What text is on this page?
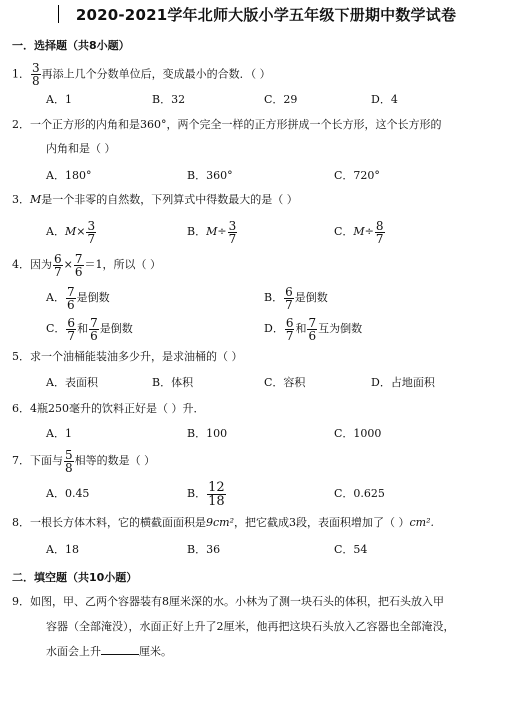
2020-2021学年北师大版小学五年级下册期中数学试卷
一．选择题（共8小题）
1． $\frac{3}{8}$ 再添上几个分数单位后，变成最小的合数．（ ）
A．1	B．32	C．29	D．4
2．一个正方形的内角和是360°，两个完全一样的正方形拼成一个长方形，这个长方形的
内角和是（ ）
A．180°	B．360°	C．720°
3．M是一个非零的自然数，下列算式中得数最大的是（ ）
A．$M\times \frac{3}{7}$	B．$M\div \frac{3}{7}$	C．$M\div \frac{8}{7}$
4．因为 $\frac{6}{7} \times \frac{7}{6} =1$，所以（ ）
A． $\frac{7}{6}$ 是倒数	B． $\frac{6}{7}$ 是倒数
C． $\frac{6}{7}$ 和 $\frac{7}{6}$ 是倒数	D． $\frac{6}{7}$ 和 $\frac{7}{6}$ 互为倒数
5．求一个油桶能装油多少升，是求油桶的（ ）
A．表面积	B．体积	C．容积	D．占地面积
6．4瓶250毫升的饮料正好是（ ）升．
A．1	B．100	C．1000
7．下面与 $\frac{5}{8}$ 相等的数是（ ）
A．0.45	B． $\frac{12}{18}$	C．0.625
8．一根长方体木料，它的横截面面积是9cm²，把它截成3段，表面积增加了（ ）cm².
A．18	B．36	C．54
二．填空题（共10小题）
9．如图，甲、乙两个容器装有8厘米深的水。小林为了测一块石头的体积，把石头放入甲
容器（全部淹没），水面正好上升了2厘米，他再把这块石头放入乙容器也全部淹没，
水面会上升	厘米。
